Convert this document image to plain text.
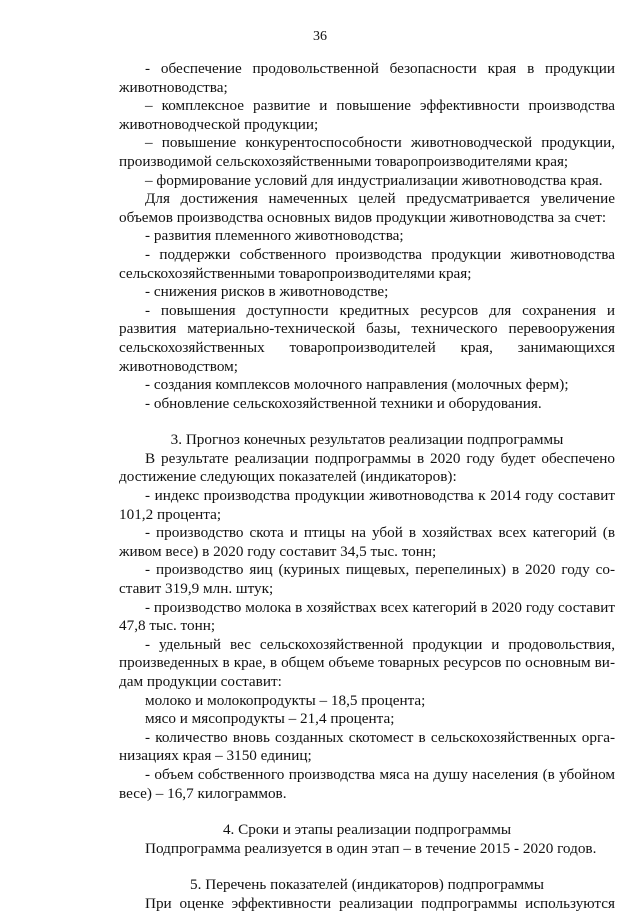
36

- обеспечение продовольственной безопасности края в продукции животноводства;

– комплексное развитие и повышение эффективности производства животноводческой продукции;

– повышение конкурентоспособности животноводческой продукции, производимой сельскохозяйственными товаропроизводителями края;

– формирование условий для индустриализации животноводства края.

Для достижения намеченных целей предусматривается увеличение объемов производства основных видов продукции животноводства за счет:

- развития племенного животноводства;

- поддержки собственного производства продукции животноводства сельскохозяйственными товаропроизводителями края;

- снижения рисков в животноводстве;

- повышения доступности кредитных ресурсов для сохранения и развития материально-технической базы, технического перевооружения сельскохозяйственных товаропроизводителей края, занимающихся животноводством;

- создания комплексов молочного направления (молочных ферм);

- обновление сельскохозяйственной техники и оборудования.

3. Прогноз конечных результатов реализации подпрограммы

В результате реализации подпрограммы в 2020 году будет обеспечено достижение следующих показателей (индикаторов):

- индекс производства продукции животноводства к 2014 году составит 101,2 процента;

- производство скота и птицы на убой в хозяйствах всех категорий (в живом весе) в 2020 году составит 34,5 тыс. тонн;

- производство яиц (куриных пищевых, перепелиных) в 2020 году составит 319,9 млн. штук;

- производство молока в хозяйствах всех категорий в 2020 году составит 47,8 тыс. тонн;

- удельный вес сельскохозяйственной продукции и продовольствия, произведенных в крае, в общем объеме товарных ресурсов по основным видам продукции составит:

молоко и молокопродукты – 18,5 процента;

мясо и мясопродукты – 21,4 процента;

- количество вновь созданных скотомест в сельскохозяйственных организациях края – 3150 единиц;

- объем собственного производства мяса на душу населения (в убойном весе) – 16,7 килограммов.

4. Сроки и этапы реализации подпрограммы

Подпрограмма реализуется в один этап – в течение 2015 - 2020 годов.

5. Перечень показателей (индикаторов) подпрограммы

При оценке эффективности реализации подпрограммы используются
